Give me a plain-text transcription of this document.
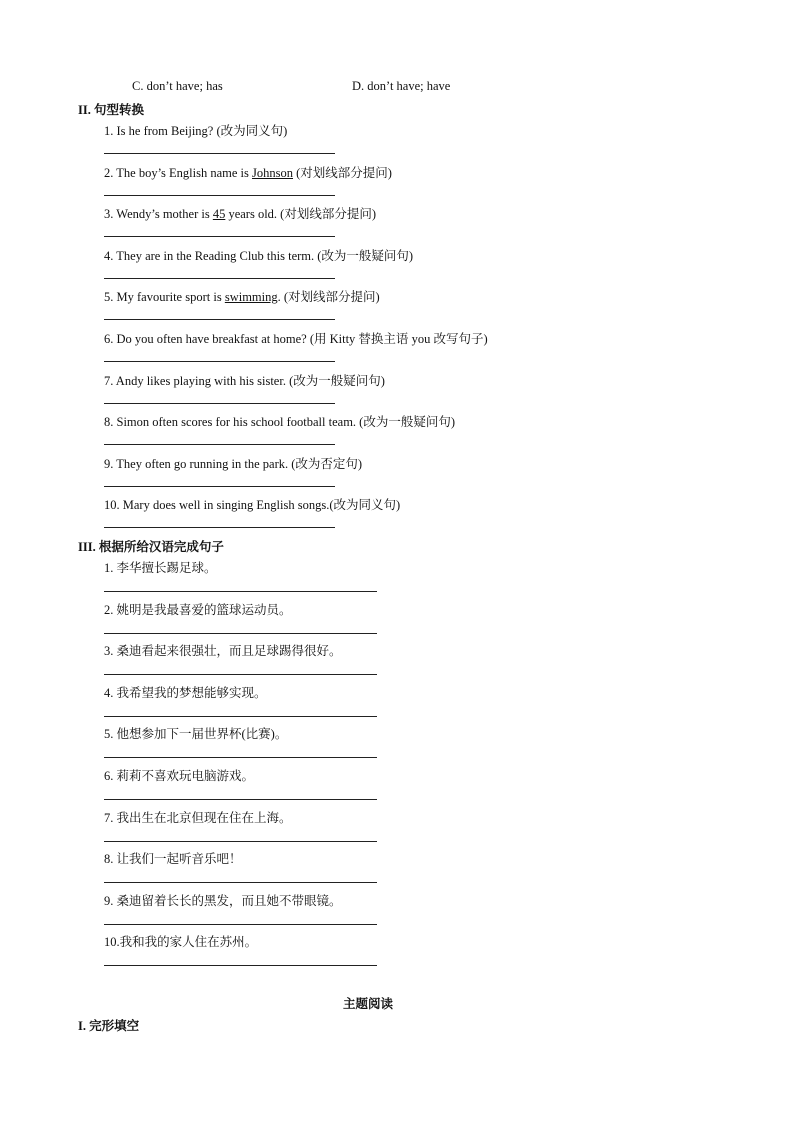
C. don’t have; has	D. don’t have; have
II. 句型转换
1. Is he from Beijing? (改为同义句)
2. The boy’s English name is Johnson (对划线部分提问)
3. Wendy’s mother is 45 years old. (对划线部分提问)
4. They are in the Reading Club this term. (改为一般疑问句)
5. My favourite sport is swimming. (对划线部分提问)
6. Do you often have breakfast at home? (用 Kitty 替换主语 you 改写句子)
7. Andy likes playing with his sister. (改为一般疑问句)
8. Simon often scores for his school football team. (改为一般疑问句)
9. They often go running in the park. (改为否定句)
10. Mary does well in singing English songs.(改为同义句)
III. 根据所给汉语完成句子
1. 李华擅长踢足球。
2. 姚明是我最喜爱的篮球运动员。
3. 桑迪看起来很强壮，而且足球踢得很好。
4. 我希望我的梦想能够实现。
5. 他想参加下一届世界杯(比赛)。
6. 莉莉不喜欢玩电脑游戏。
7. 我出生在北京但现在住在上海。
8. 让我们一起听音乐吧！
9. 桑迪留着长长的黑发，而且她不带眼镜。
10.我和我的家人住在苏州。
主题阅读
I. 完形填空
